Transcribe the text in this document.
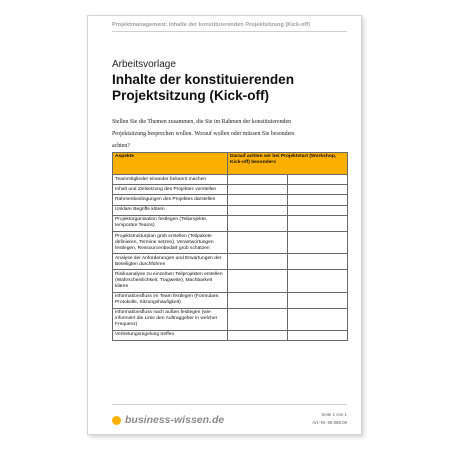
Projektmanagement: Inhalte der konstituierenden Projektsitzung (Kick-off)
Arbeitsvorlage
Inhalte der konstituierenden Projektsitzung (Kick-off)
Stellen Sie die Themen zusammen, die Sie im Rahmen der konstituierenden Projektsitzung besprechen wollen. Worauf wollen oder müssen Sie besonders achten?
Aspekte	Darauf achten wir bei Projektstart (Workshop, Kick-off) besonders	
Teammitglieder einander bekannt machen		
Inhalt und Zielsetzung des Projektes vorstellen		
Rahmenbedingungen des Projektes darstellen		
Unklare Begriffe klären		
Projektorganisation festlegen (Teilprojekte, temporäre Teams)		
Projektstrukturplan grob erstellen (Teilpakete definieren, Termine setzen), Verantwortungen festlegen, Ressourcenbedarf grob schätzen		
Analyse der Anforderungen und Erwartungen der Beteiligten durchführen		
Risikoanalyse zu einzelnen Teilprojekten erstellen (Wahrscheinlichkeit, Tragweite), Machbarkeit klären		
Informationsfluss im Team festlegen (Formulare, Protokolle, Sitzungshäufigkeit)		
Informationsfluss nach außen festlegen (wie informiert die Linie den Auftraggeber in welcher Frequenz)		
Vertretungsregelung treffen		
business-wissen.de	Seite 1 von 1
Art.-Nr. 99.088.09
